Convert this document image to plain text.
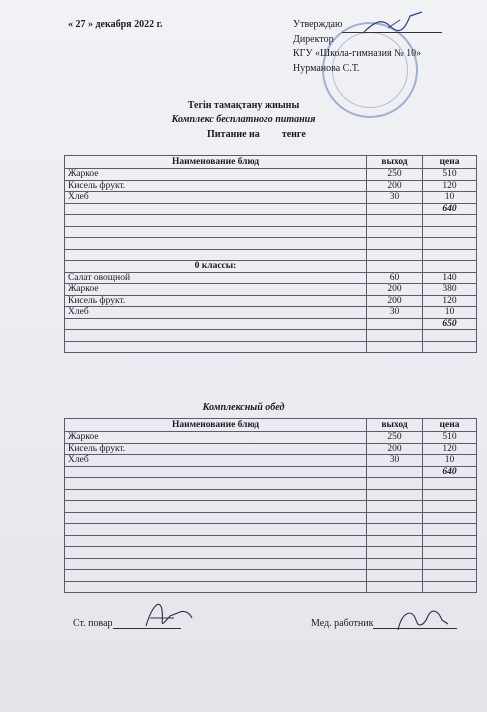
« 27 » декабря 2022 г.	Утверждаю
Директор
КГУ «Школа-гимназия № 10»
Нурманова С.Т.
Тегін тамақтану жиыны
Комплекс бесплатного питания
Питание на тенге
Наименование блюд	выход	цена
Жаркое	250	510
Кисель фрукт.	200	120
Хлеб	30	10
		640

0 классы:		
Салат овощной	60	140
Жаркое	200	380
Кисель фрукт.	200	120
Хлеб	30	10
		650

Комплексный обед
Наименование блюд	выход	цена
Жаркое	250	510
Кисель фрукт.	200	120
Хлеб	30	10
		640

Ст. повар	Мед. работник
